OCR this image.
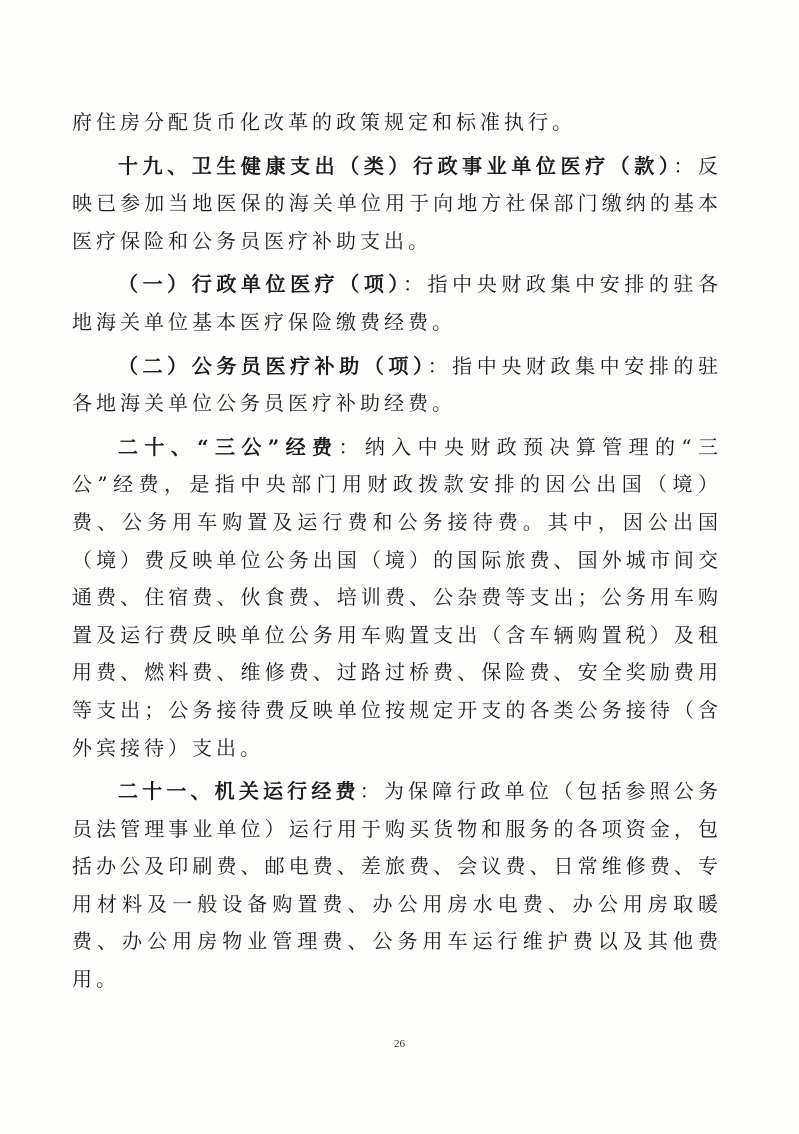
府住房分配货币化改革的政策规定和标准执行。

十九、卫生健康支出（类）行政事业单位医疗（款）：反映已参加当地医保的海关单位用于向地方社保部门缴纳的基本医疗保险和公务员医疗补助支出。

（一）行政单位医疗（项）：指中央财政集中安排的驻各地海关单位基本医疗保险缴费经费。

（二）公务员医疗补助（项）：指中央财政集中安排的驻各地海关单位公务员医疗补助经费。

二十、“三公”经费：纳入中央财政预决算管理的“三公”经费，是指中央部门用财政拨款安排的因公出国（境）费、公务用车购置及运行费和公务接待费。其中，因公出国（境）费反映单位公务出国（境）的国际旅费、国外城市间交通费、住宿费、伙食费、培训费、公杂费等支出；公务用车购置及运行费反映单位公务用车购置支出（含车辆购置税）及租用费、燃料费、维修费、过路过桥费、保险费、安全奖励费用等支出；公务接待费反映单位按规定开支的各类公务接待（含外宾接待）支出。

二十一、机关运行经费：为保障行政单位（包括参照公务员法管理事业单位）运行用于购买货物和服务的各项资金，包括办公及印刷费、邮电费、差旅费、会议费、日常维修费、专用材料及一般设备购置费、办公用房水电费、办公用房取暖费、办公用房物业管理费、公务用车运行维护费以及其他费用。

26
